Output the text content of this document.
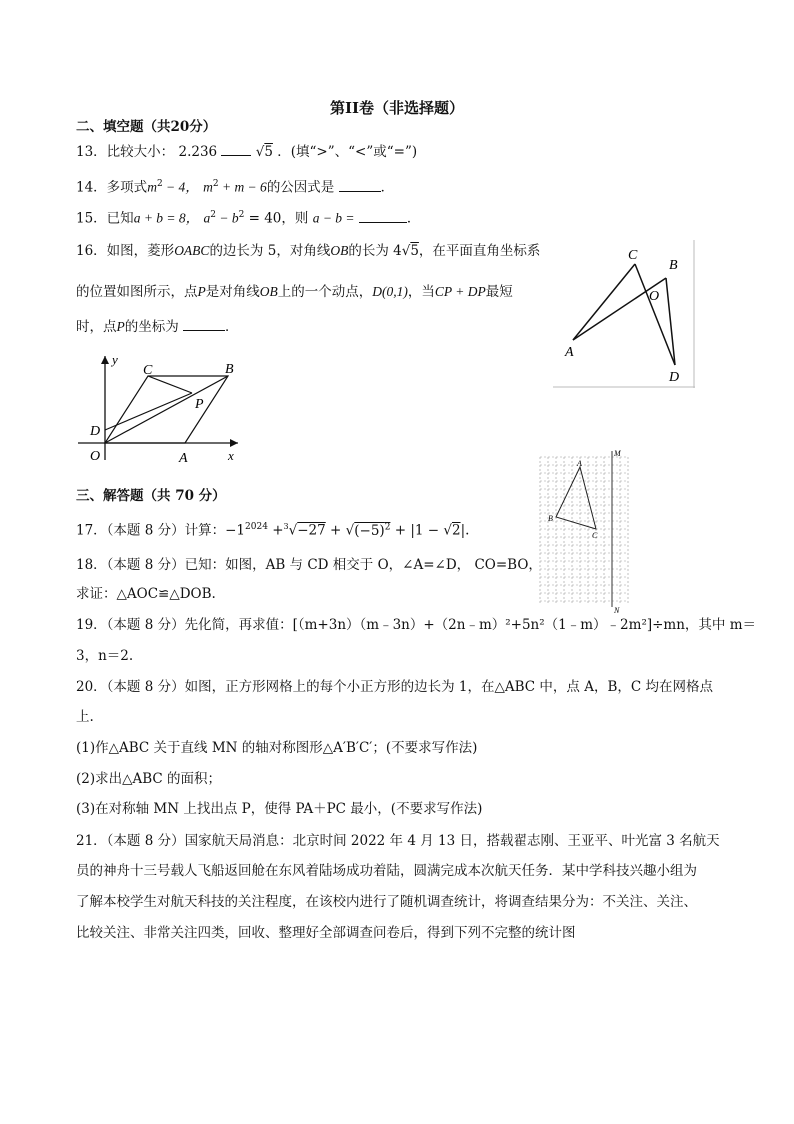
第II卷（非选择题）
二、填空题（共20分）
13．比较大小： 2.236	√5 ．(填“>”、“<”或“=”)
14．多项式$m^2 - 4$， $m^2 + m - 6$的公因式是	．
15．已知a + b = 8， $a^2 - b^2 = 40$，则 a − b =	．
16．如图，菱形OABC的边长为 5，对角线OB的长为 4√5，在平面直角坐标系
的位置如图所示，点P是对角线OB上的一个动点，D(0,1)，当CP + DP最短
时，点P的坐标为	．
y
x
C	B
P
D
O	A
C
B
O
A
D
M
N
A
B
C
三、解答题（共 70 分）
17．（本题 8 分）计算：$-1^{2024} +^3√-27 + √(-5)^2 + |1 - √2|$.
18．（本题 8 分）已知：如图，AB 与 CD 相交于 O，∠A=∠D， CO=BO，
求证：△AOC≌△DOB.
19．（本题 8 分）先化简，再求值：[（m+3n）（m﹣3n）+（2n﹣m）²+5n²（1﹣m）﹣2m²]÷mn，其中 m＝
3，n＝2.
20．（本题 8 分）如图，正方形网格上的每个小正方形的边长为 1，在△ABC 中，点 A，B，C 均在网格点
上.
(1)作△ABC 关于直线 MN 的轴对称图形△A′B′C′；(不要求写作法)
(2)求出△ABC 的面积；
(3)在对称轴 MN 上找出点 P，使得 PA＋PC 最小，(不要求写作法)
21．（本题 8 分）国家航天局消息：北京时间 2022 年 4 月 13 日，搭载翟志刚、王亚平、叶光富 3 名航天
员的神舟十三号载人飞船返回舱在东风着陆场成功着陆，圆满完成本次航天任务．某中学科技兴趣小组为
了解本校学生对航天科技的关注程度，在该校内进行了随机调查统计，将调查结果分为：不关注、关注、
比较关注、非常关注四类，回收、整理好全部调查问卷后，得到下列不完整的统计图
